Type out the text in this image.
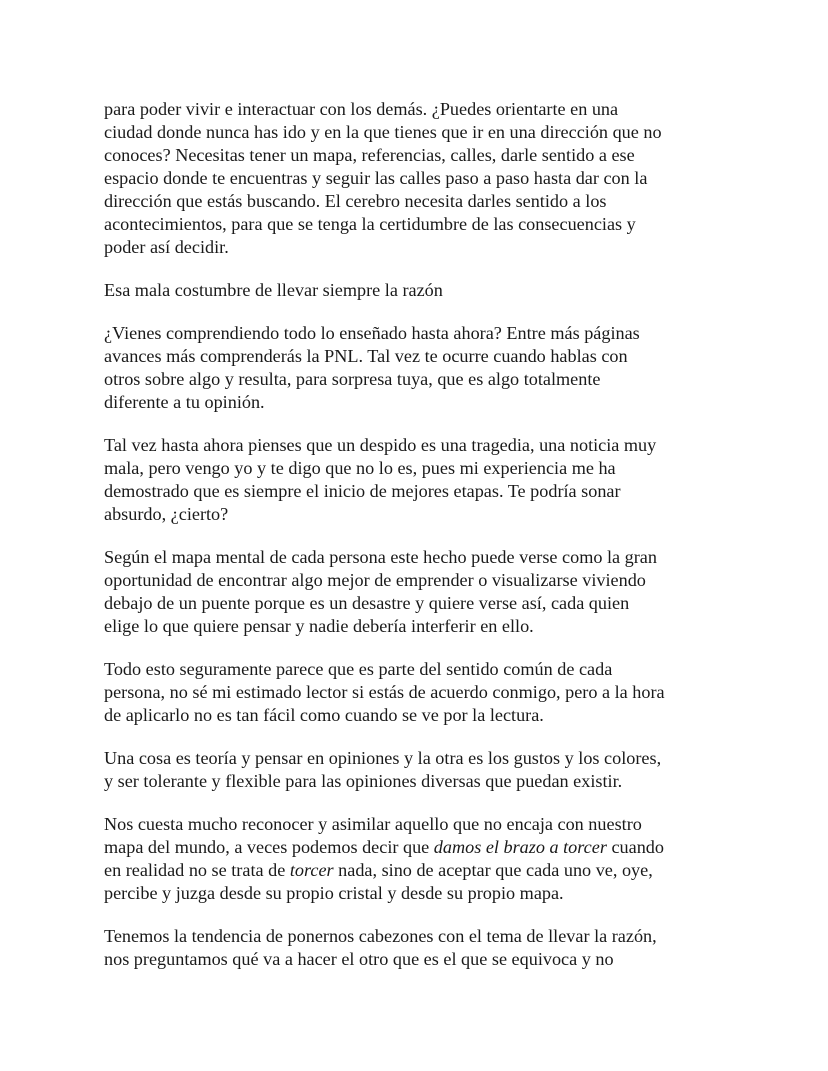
para poder vivir e interactuar con los demás. ¿Puedes orientarte en una
ciudad donde nunca has ido y en la que tienes que ir en una dirección que no
conoces? Necesitas tener un mapa, referencias, calles, darle sentido a ese
espacio donde te encuentras y seguir las calles paso a paso hasta dar con la
dirección que estás buscando. El cerebro necesita darles sentido a los
acontecimientos, para que se tenga la certidumbre de las consecuencias y
poder así decidir.

Esa mala costumbre de llevar siempre la razón

¿Vienes comprendiendo todo lo enseñado hasta ahora? Entre más páginas
avances más comprenderás la PNL. Tal vez te ocurre cuando hablas con
otros sobre algo y resulta, para sorpresa tuya, que es algo totalmente
diferente a tu opinión.

Tal vez hasta ahora pienses que un despido es una tragedia, una noticia muy
mala, pero vengo yo y te digo que no lo es, pues mi experiencia me ha
demostrado que es siempre el inicio de mejores etapas. Te podría sonar
absurdo, ¿cierto?

Según el mapa mental de cada persona este hecho puede verse como la gran
oportunidad de encontrar algo mejor de emprender o visualizarse viviendo
debajo de un puente porque es un desastre y quiere verse así, cada quien
elige lo que quiere pensar y nadie debería interferir en ello.

Todo esto seguramente parece que es parte del sentido común de cada
persona, no sé mi estimado lector si estás de acuerdo conmigo, pero a la hora
de aplicarlo no es tan fácil como cuando se ve por la lectura.

Una cosa es teoría y pensar en opiniones y la otra es los gustos y los colores,
y ser tolerante y flexible para las opiniones diversas que puedan existir.

Nos cuesta mucho reconocer y asimilar aquello que no encaja con nuestro
mapa del mundo, a veces podemos decir que damos el brazo a torcer cuando
en realidad no se trata de torcer nada, sino de aceptar que cada uno ve, oye,
percibe y juzga desde su propio cristal y desde su propio mapa.

Tenemos la tendencia de ponernos cabezones con el tema de llevar la razón,
nos preguntamos qué va a hacer el otro que es el que se equivoca y no
